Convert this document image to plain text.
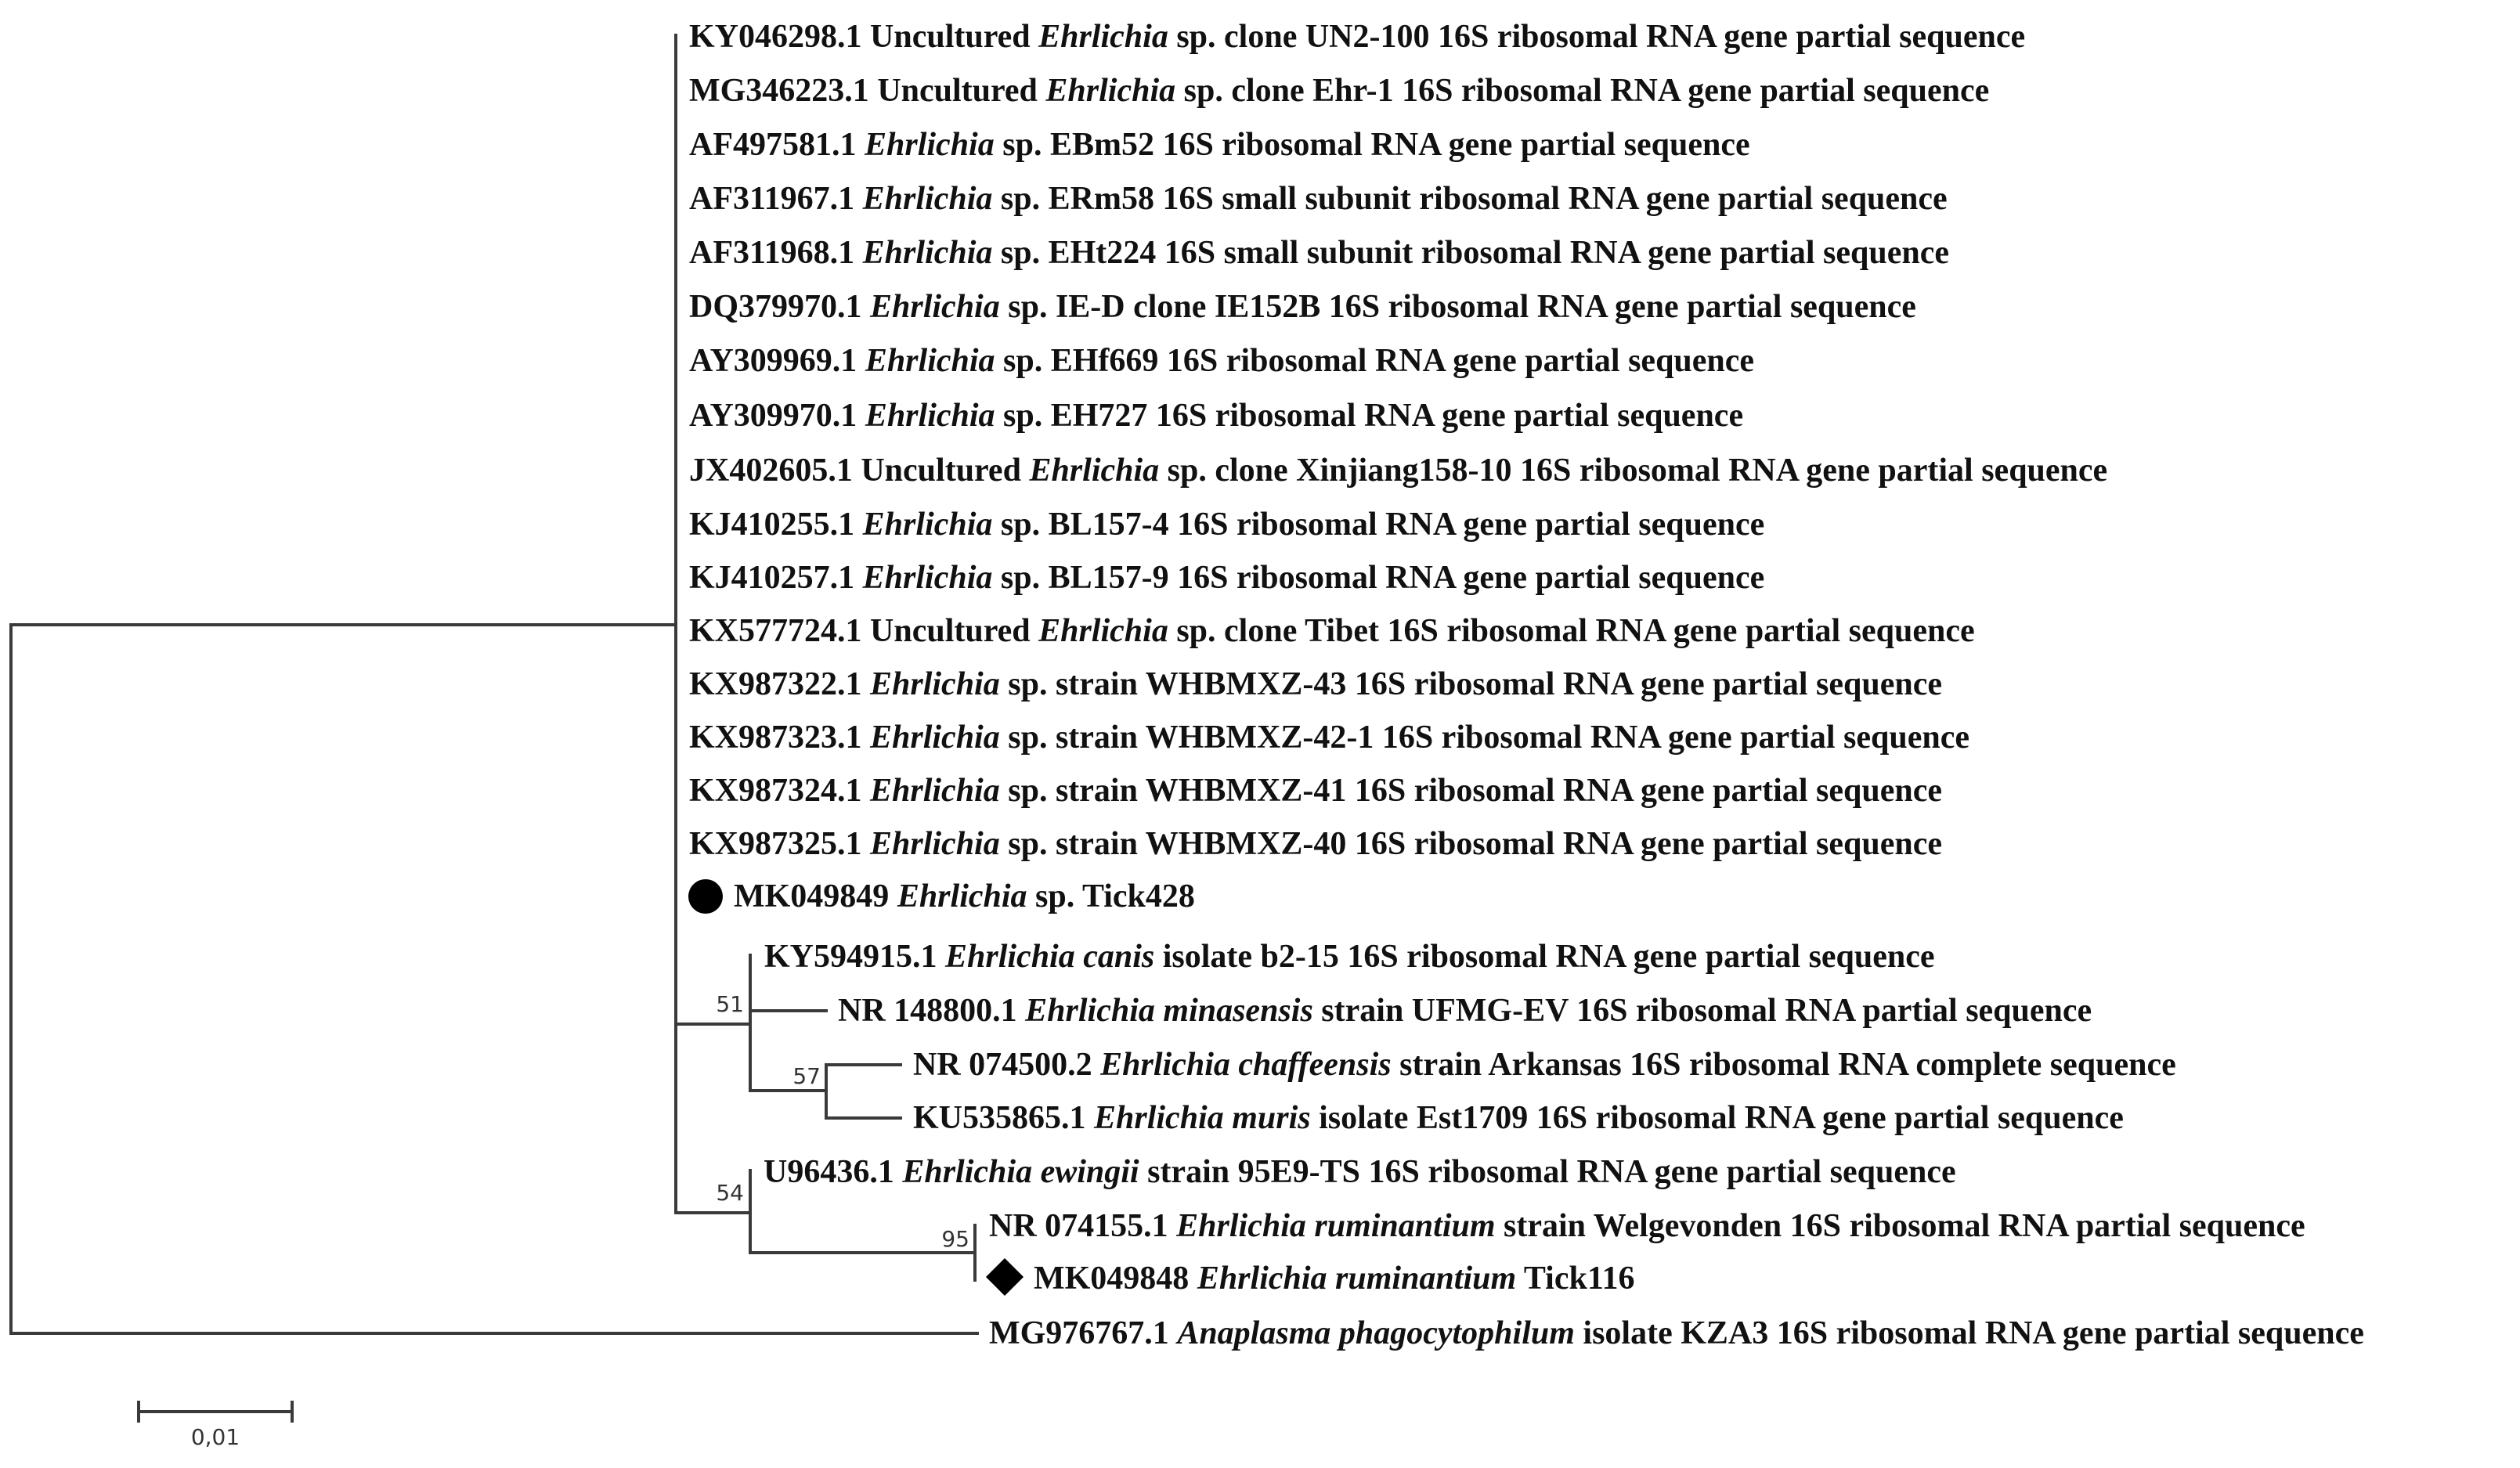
KY046298.1 Uncultured Ehrlichia sp. clone UN2-100 16S ribosomal RNA gene partial sequence
MG346223.1 Uncultured Ehrlichia sp. clone Ehr-1 16S ribosomal RNA gene partial sequence
AF497581.1 Ehrlichia sp. EBm52 16S ribosomal RNA gene partial sequence
AF311967.1 Ehrlichia sp. ERm58 16S small subunit ribosomal RNA gene partial sequence
AF311968.1 Ehrlichia sp. EHt224 16S small subunit ribosomal RNA gene partial sequence
DQ379970.1 Ehrlichia sp. IE-D clone IE152B 16S ribosomal RNA gene partial sequence
AY309969.1 Ehrlichia sp. EHf669 16S ribosomal RNA gene partial sequence
AY309970.1 Ehrlichia sp. EH727 16S ribosomal RNA gene partial sequence
JX402605.1 Uncultured Ehrlichia sp. clone Xinjiang158-10 16S ribosomal RNA gene partial sequence
KJ410255.1 Ehrlichia sp. BL157-4 16S ribosomal RNA gene partial sequence
KJ410257.1 Ehrlichia sp. BL157-9 16S ribosomal RNA gene partial sequence
KX577724.1 Uncultured Ehrlichia sp. clone Tibet 16S ribosomal RNA gene partial sequence
KX987322.1 Ehrlichia sp. strain WHBMXZ-43 16S ribosomal RNA gene partial sequence
KX987323.1 Ehrlichia sp. strain WHBMXZ-42-1 16S ribosomal RNA gene partial sequence
KX987324.1 Ehrlichia sp. strain WHBMXZ-41 16S ribosomal RNA gene partial sequence
KX987325.1 Ehrlichia sp. strain WHBMXZ-40 16S ribosomal RNA gene partial sequence
MK049849 Ehrlichia sp. Tick428
KY594915.1 Ehrlichia canis isolate b2-15 16S ribosomal RNA gene partial sequence
NR 148800.1 Ehrlichia minasensis strain UFMG-EV 16S ribosomal RNA partial sequence
NR 074500.2 Ehrlichia chaffeensis strain Arkansas 16S ribosomal RNA complete sequence
KU535865.1 Ehrlichia muris isolate Est1709 16S ribosomal RNA gene partial sequence
U96436.1 Ehrlichia ewingii strain 95E9-TS 16S ribosomal RNA gene partial sequence
NR 074155.1 Ehrlichia ruminantium strain Welgevonden 16S ribosomal RNA partial sequence
MK049848 Ehrlichia ruminantium Tick116
MG976767.1 Anaplasma phagocytophilum isolate KZA3 16S ribosomal RNA gene partial sequence
51
57
54
95
0,01
